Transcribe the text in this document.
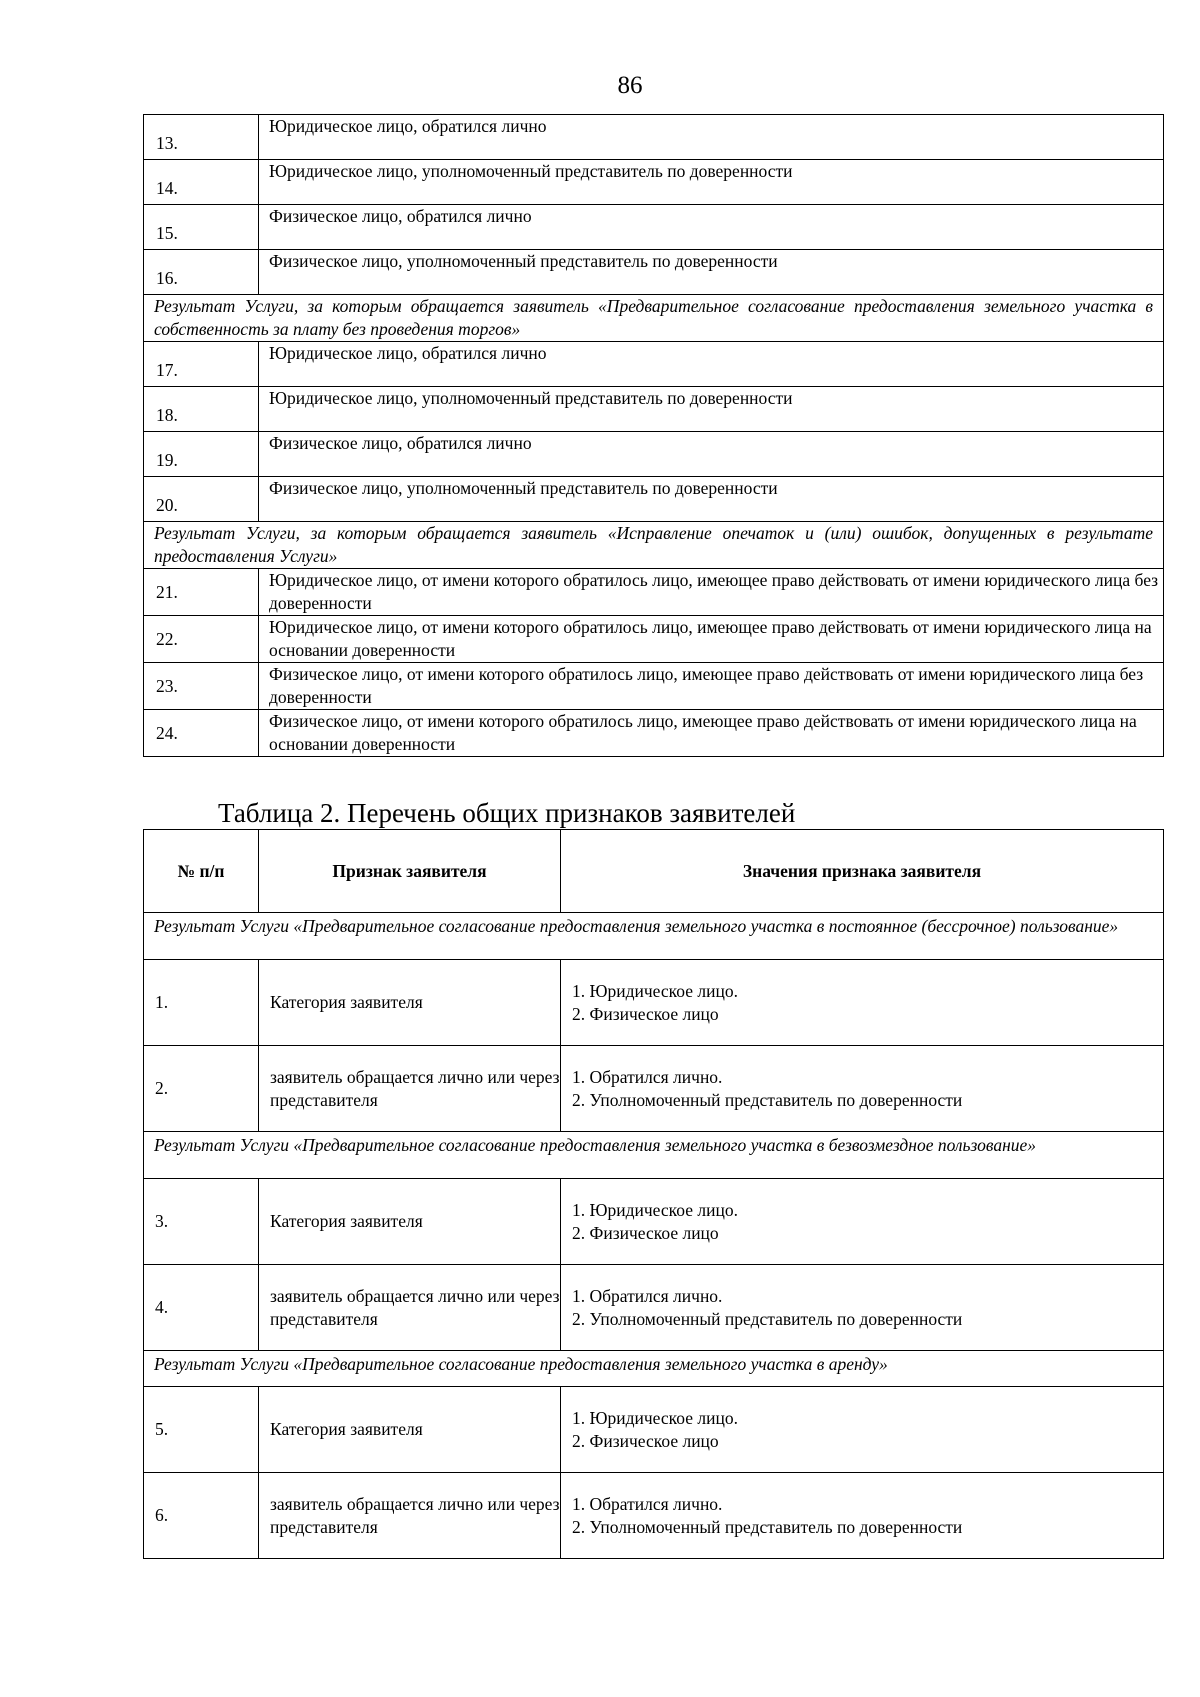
86
13.	Юридическое лицо, обратился лично
14.	Юридическое лицо, уполномоченный представитель по доверенности
15.	Физическое лицо, обратился лично
16.	Физическое лицо, уполномоченный представитель по доверенности
Результат Услуги, за которым обращается заявитель «Предварительное согласование предоставления земельного участка в собственность за плату без проведения торгов»	
17.	Юридическое лицо, обратился лично
18.	Юридическое лицо, уполномоченный представитель по доверенности
19.	Физическое лицо, обратился лично
20.	Физическое лицо, уполномоченный представитель по доверенности
Результат Услуги, за которым обращается заявитель «Исправление опечаток и (или) ошибок, допущенных в результате предоставления Услуги»	
21.	Юридическое лицо, от имени которого обратилось лицо, имеющее право действовать от имени юридического лица без доверенности
22.	Юридическое лицо, от имени которого обратилось лицо, имеющее право действовать от имени юридического лица на основании доверенности
23.	Физическое лицо, от имени которого обратилось лицо, имеющее право действовать от имени юридического лица без доверенности
24.	Физическое лицо, от имени которого обратилось лицо, имеющее право действовать от имени юридического лица на основании доверенности
Таблица 2. Перечень общих признаков заявителей
№ п/п	Признак заявителя	Значения признака заявителя
Результат Услуги «Предварительное согласование предоставления земельного участка в постоянное (бессрочное) пользование»		
1.	Категория заявителя	1. Юридическое лицо.
2. Физическое лицо

2.	заявитель обращается лично или через представителя	1. Обратился лично.
2. Уполномоченный представитель по доверенности

Результат Услуги «Предварительное согласование предоставления земельного участка в безвозмездное пользование»		
3.	Категория заявителя	1. Юридическое лицо.
2. Физическое лицо

4.	заявитель обращается лично или через представителя	1. Обратился лично.
2. Уполномоченный представитель по доверенности

Результат Услуги «Предварительное согласование предоставления земельного участка в аренду»		
5.	Категория заявителя	1. Юридическое лицо.
2. Физическое лицо

6.	заявитель обращается лично или через представителя	1. Обратился лично.
2. Уполномоченный представитель по доверенности
